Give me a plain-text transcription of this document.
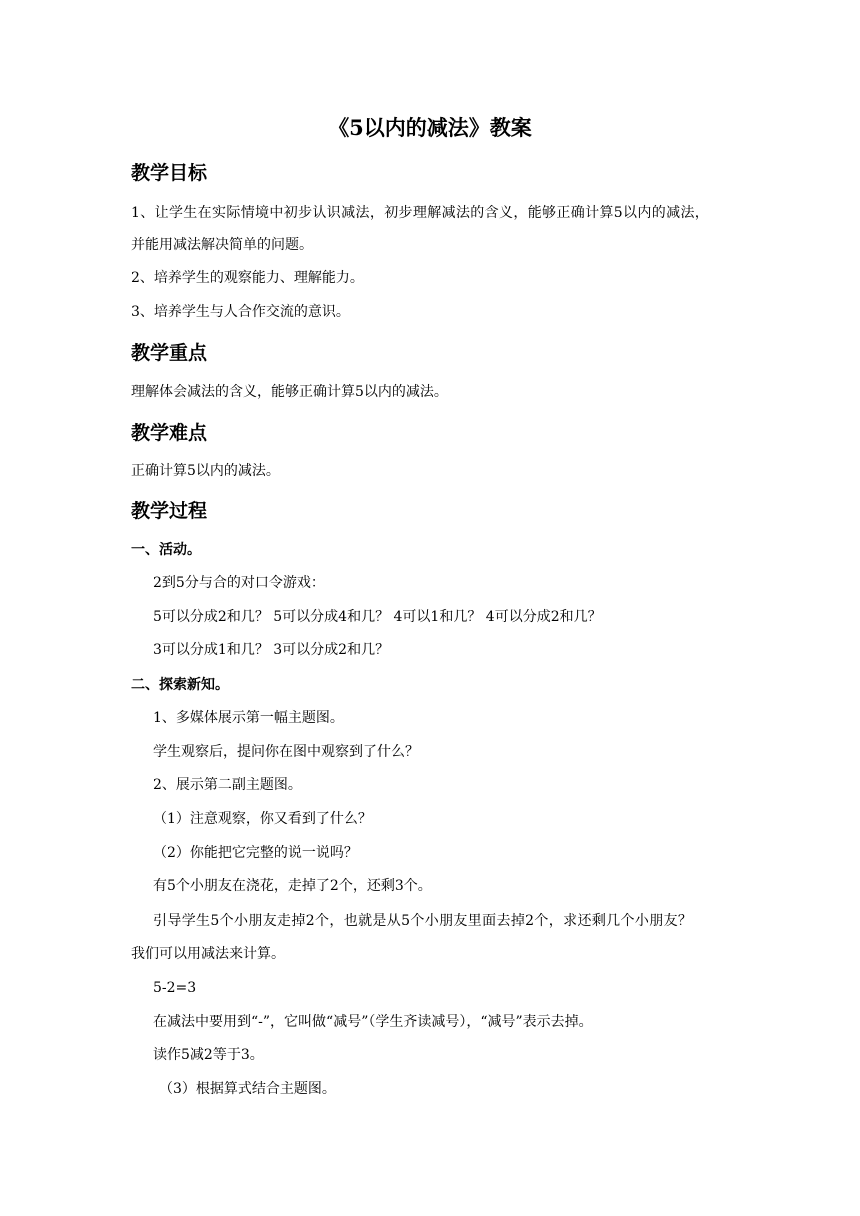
《5以内的减法》教案
教学目标
1、让学生在实际情境中初步认识减法，初步理解减法的含义，能够正确计算5以内的减法，
并能用减法解决简单的问题。
2、培养学生的观察能力、理解能力。
3、培养学生与人合作交流的意识。
教学重点
理解体会减法的含义，能够正确计算5以内的减法。
教学难点
正确计算5以内的减法。
教学过程
一、活动。
2到5分与合的对口令游戏：
5可以分成2和几？ 5可以分成4和几？ 4可以1和几？ 4可以分成2和几？
3可以分成1和几？ 3可以分成2和几？
二、探索新知。
1、多媒体展示第一幅主题图。
学生观察后，提问你在图中观察到了什么？
2、展示第二副主题图。
（1）注意观察，你又看到了什么？
（2）你能把它完整的说一说吗？
有5个小朋友在浇花，走掉了2个，还剩3个。
引导学生5个小朋友走掉2个，也就是从5个小朋友里面去掉2个，求还剩几个小朋友？
我们可以用减法来计算。
5-2=3
在减法中要用到“-”，它叫做“减号”（学生齐读减号），“减号”表示去掉。
读作5减2等于3。
（3）根据算式结合主题图。
